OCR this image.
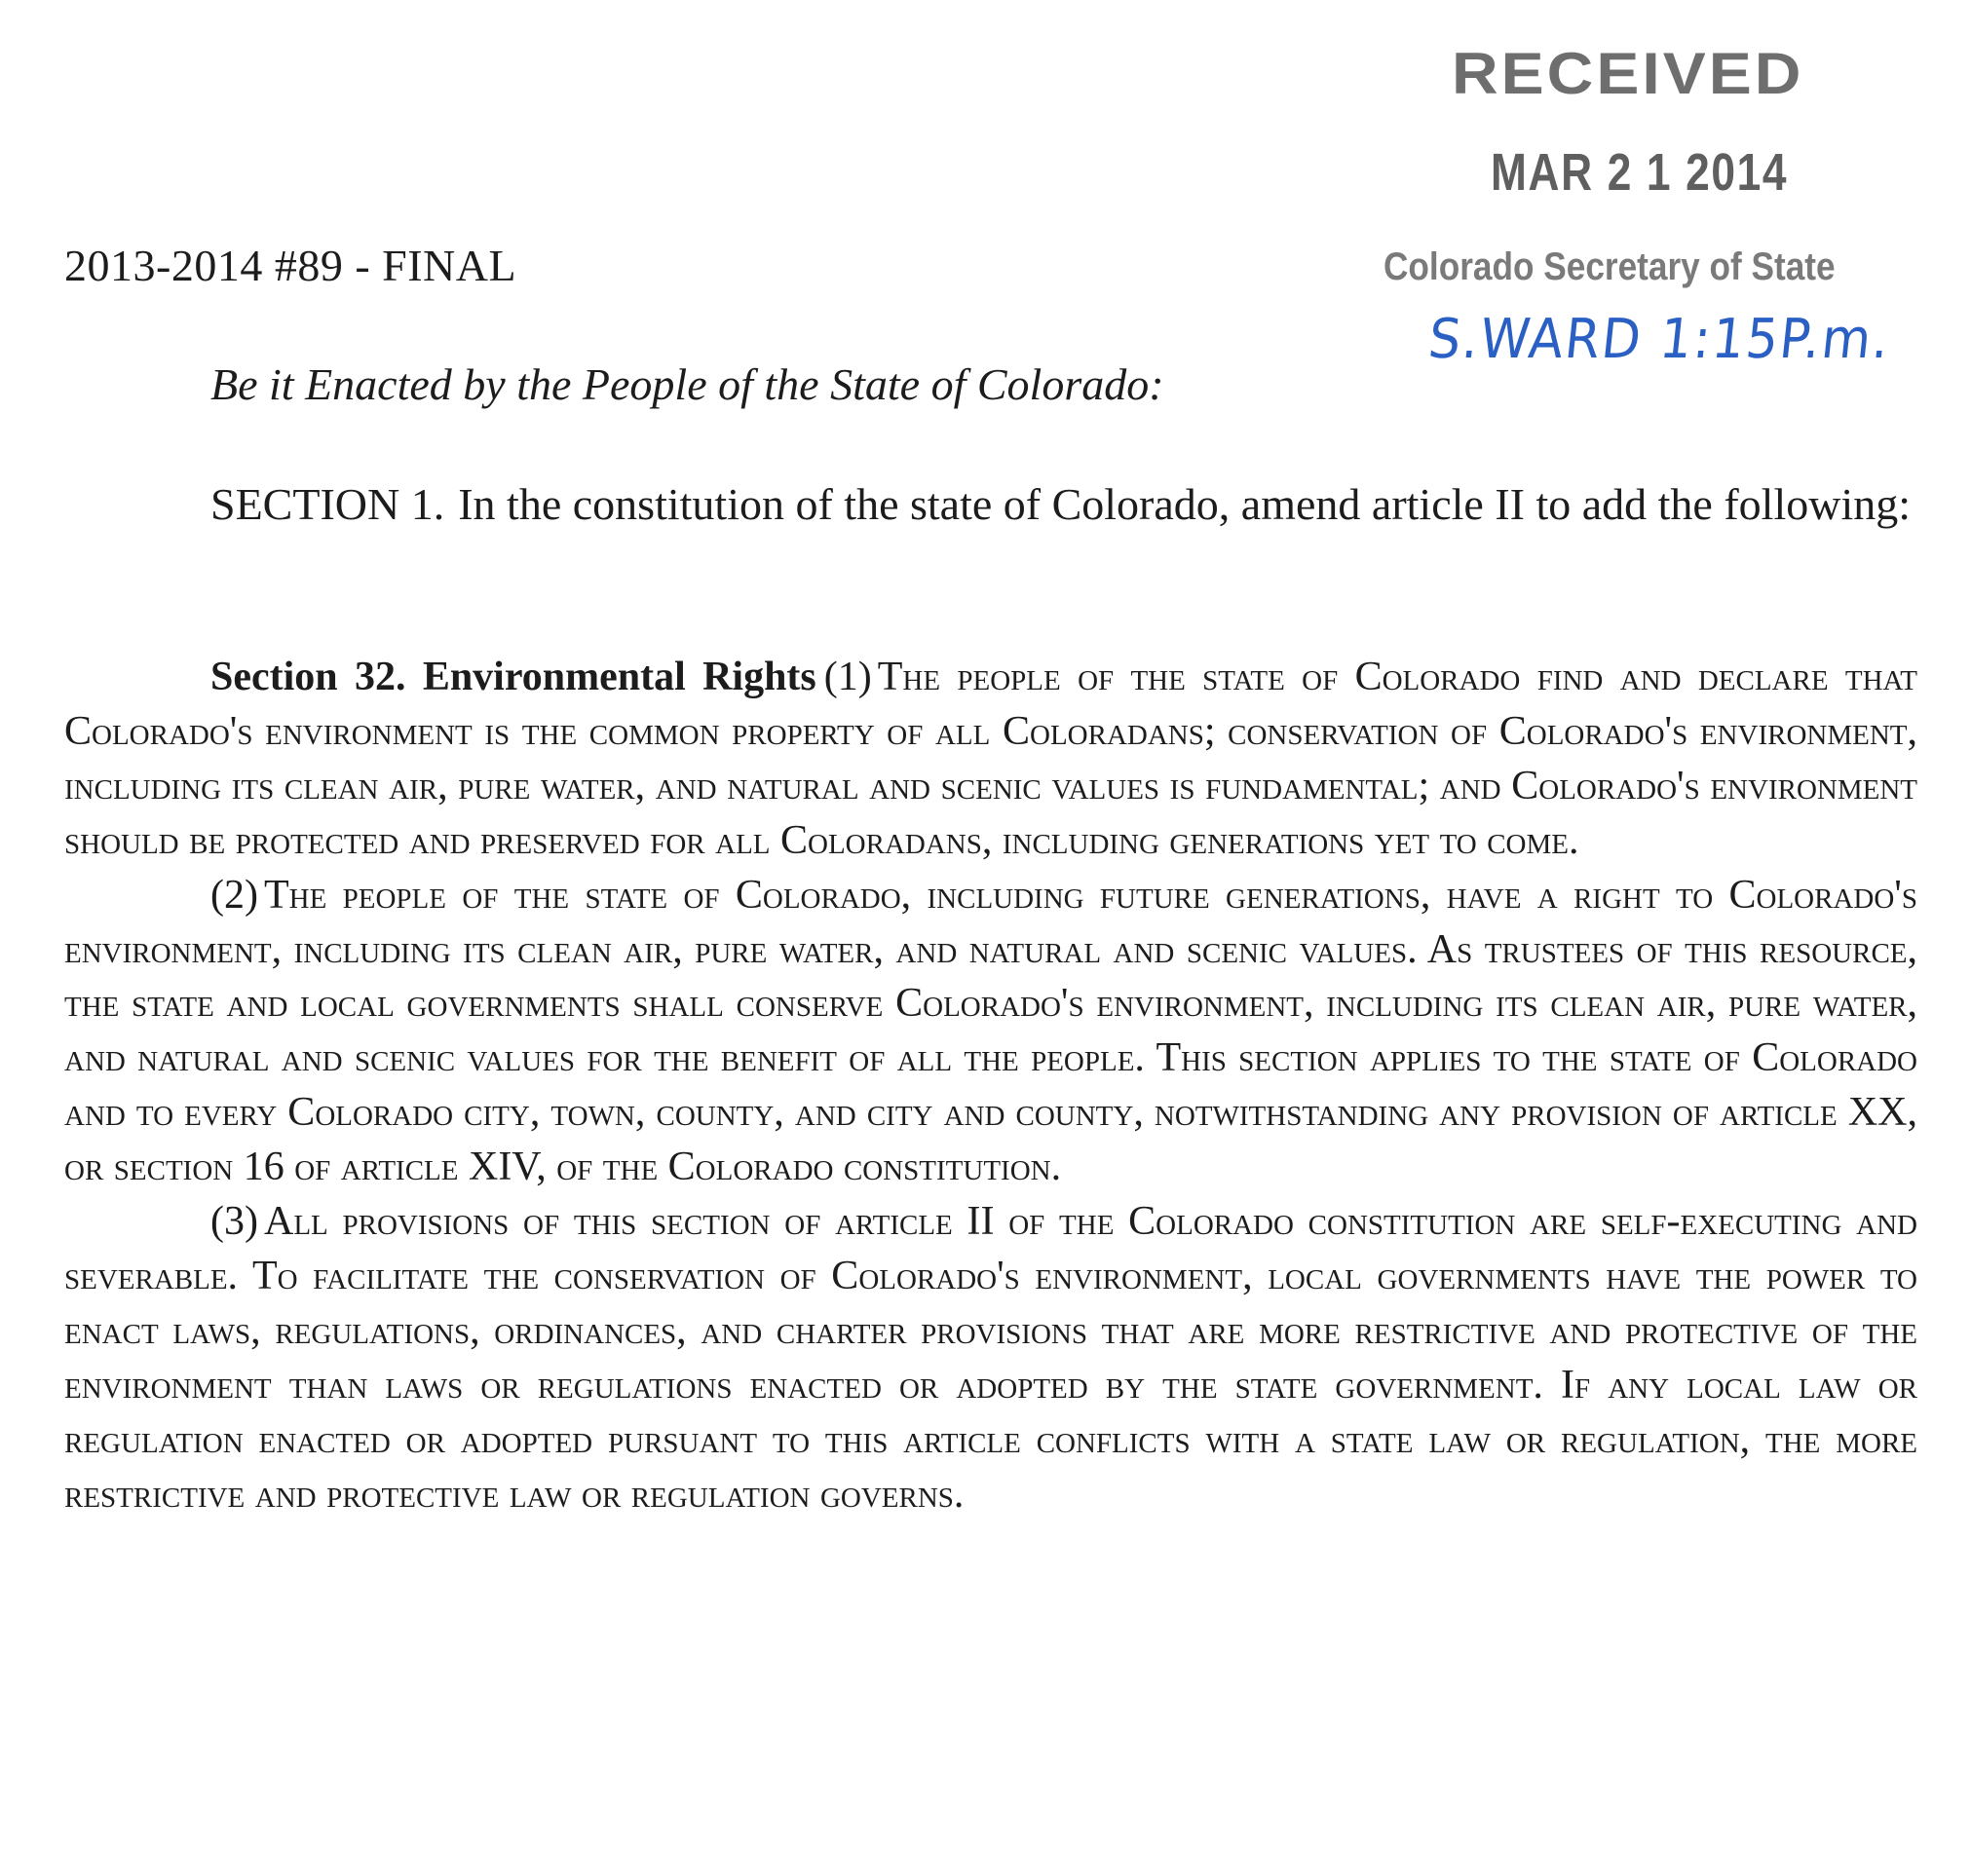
RECEIVED
MAR 2 1 2014
Colorado Secretary of State
S.WARD 1:15P.m.
2013-2014 #89 - FINAL
Be it Enacted by the People of the State of Colorado:

SECTION 1. In the constitution of the state of Colorado, amend article II to add the following:

Section 32. Environmental Rights (1) The people of the state of Colorado find and declare that Colorado's environment is the common property of all Coloradans; conservation of Colorado's environment, including its clean air, pure water, and natural and scenic values is fundamental; and Colorado's environment should be protected and preserved for all Coloradans, including generations yet to come.

(2) The people of the state of Colorado, including future generations, have a right to Colorado's environment, including its clean air, pure water, and natural and scenic values. As trustees of this resource, the state and local governments shall conserve Colorado's environment, including its clean air, pure water, and natural and scenic values for the benefit of all the people. This section applies to the state of Colorado and to every Colorado city, town, county, and city and county, notwithstanding any provision of article XX, or section 16 of article XIV, of the Colorado constitution.

(3) All provisions of this section of article II of the Colorado constitution are self-executing and severable. To facilitate the conservation of Colorado's environment, local governments have the power to enact laws, regulations, ordinances, and charter provisions that are more restrictive and protective of the environment than laws or regulations enacted or adopted by the state government. If any local law or regulation enacted or adopted pursuant to this article conflicts with a state law or regulation, the more restrictive and protective law or regulation governs.
